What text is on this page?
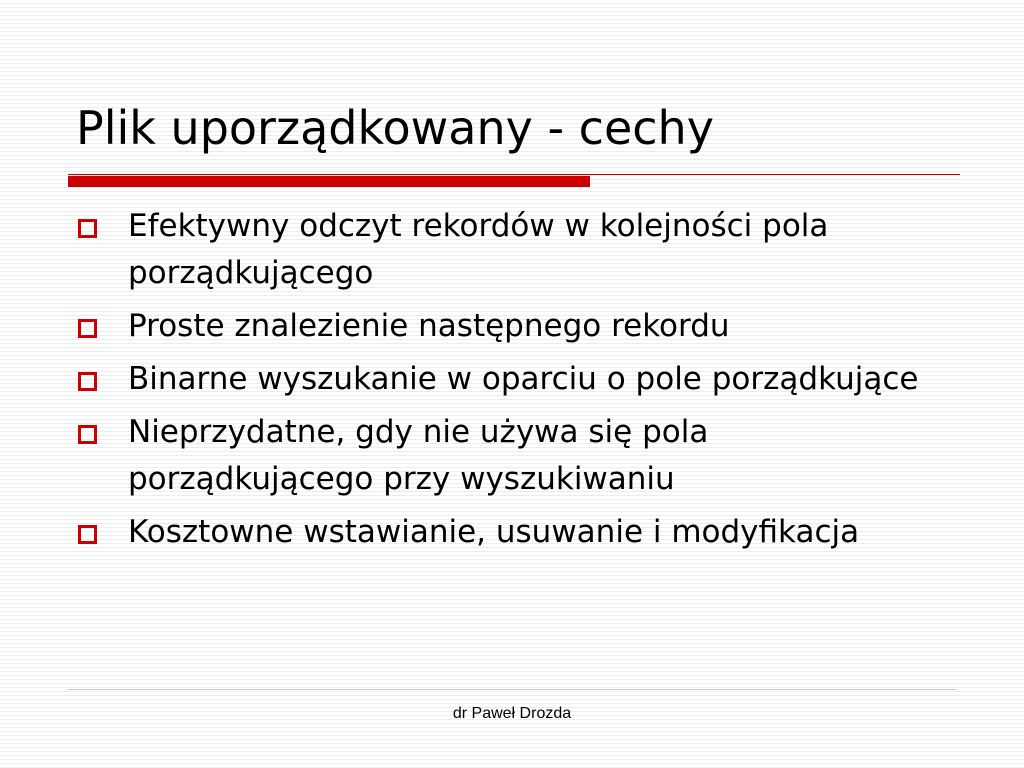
Plik uporządkowany - cechy
Efektywny odczyt rekordów w kolejności pola porządkującego
Proste znalezienie następnego rekordu
Binarne wyszukanie w oparciu o pole porządkujące
Nieprzydatne, gdy nie używa się pola porządkującego przy wyszukiwaniu
Kosztowne wstawianie, usuwanie i modyfikacja
dr Paweł Drozda
